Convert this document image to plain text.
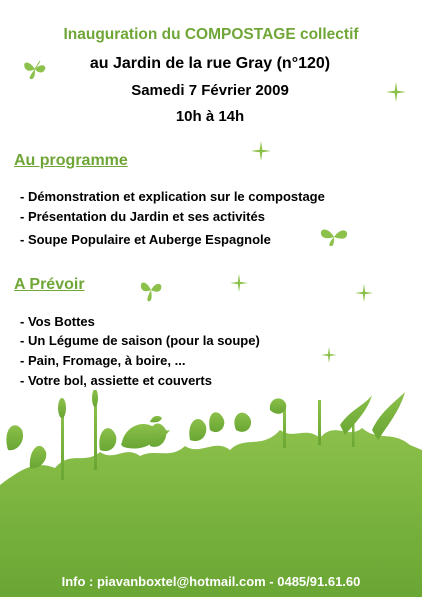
Inauguration du COMPOSTAGE collectif
au Jardin de la rue Gray (n°120)
Samedi 7 Février 2009
10h à 14h
Au programme
- Démonstration et explication sur le compostage
- Présentation du Jardin et ses activités
- Soupe Populaire et Auberge Espagnole
A Prévoir
- Vos Bottes
- Un Légume de saison (pour la soupe)
- Pain, Fromage, à boire, ...
- Votre bol, assiette et couverts
Info : piavanboxtel@hotmail.com - 0485/91.61.60
